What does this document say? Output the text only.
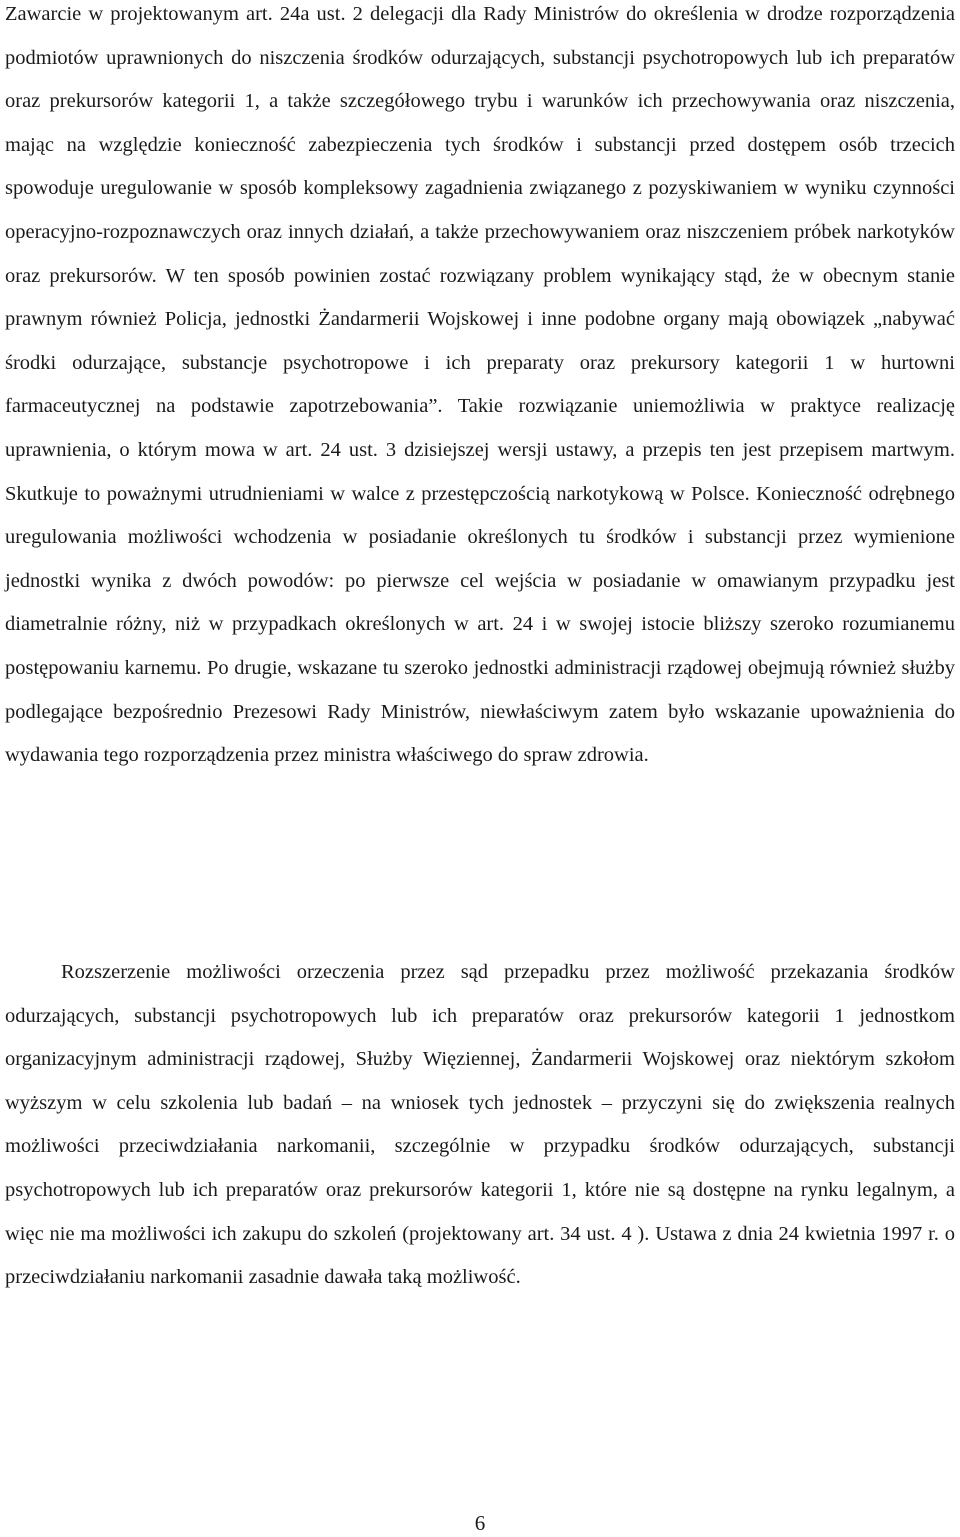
Zawarcie w projektowanym art. 24a ust. 2 delegacji dla Rady Ministrów do określenia w drodze rozporządzenia podmiotów uprawnionych do niszczenia środków odurzających, substancji psychotropowych lub ich preparatów oraz prekursorów kategorii 1, a także szczegółowego trybu i warunków ich przechowywania oraz niszczenia, mając na względzie konieczność zabezpieczenia tych środków i substancji przed dostępem osób trzecich spowoduje uregulowanie w sposób kompleksowy zagadnienia związanego z pozyskiwaniem w wyniku czynności operacyjno-rozpoznawczych oraz innych działań, a także przechowywaniem oraz niszczeniem próbek narkotyków oraz prekursorów. W ten sposób powinien zostać rozwiązany problem wynikający stąd, że w obecnym stanie prawnym również Policja, jednostki Żandarmerii Wojskowej i inne podobne organy mają obowiązek „nabywać środki odurzające, substancje psychotropowe i ich preparaty oraz prekursory kategorii 1 w hurtowni farmaceutycznej na podstawie zapotrzebowania”. Takie rozwiązanie uniemożliwia w praktyce realizację uprawnienia, o którym mowa w art. 24 ust. 3 dzisiejszej wersji ustawy, a przepis ten jest przepisem martwym. Skutkuje to poważnymi utrudnieniami w walce z przestępczością narkotykową w Polsce. Konieczność odrębnego uregulowania możliwości wchodzenia w posiadanie określonych tu środków i substancji przez wymienione jednostki wynika z dwóch powodów: po pierwsze cel wejścia w posiadanie w omawianym przypadku jest diametralnie różny, niż w przypadkach określonych w art. 24 i w swojej istocie bliższy szeroko rozumianemu postępowaniu karnemu. Po drugie, wskazane tu szeroko jednostki administracji rządowej obejmują również służby podlegające bezpośrednio Prezesowi Rady Ministrów, niewłaściwym zatem było wskazanie upoważnienia do wydawania tego rozporządzenia przez ministra właściwego do spraw zdrowia.

Rozszerzenie możliwości orzeczenia przez sąd przepadku przez możliwość przekazania środków odurzających, substancji psychotropowych lub ich preparatów oraz prekursorów kategorii 1 jednostkom organizacyjnym administracji rządowej, Służby Więziennej, Żandarmerii Wojskowej oraz niektórym szkołom wyższym w celu szkolenia lub badań – na wniosek tych jednostek – przyczyni się do zwiększenia realnych możliwości przeciwdziałania narkomanii, szczególnie w przypadku środków odurzających, substancji psychotropowych lub ich preparatów oraz prekursorów kategorii 1, które nie są dostępne na rynku legalnym, a więc nie ma możliwości ich zakupu do szkoleń (projektowany art. 34 ust. 4 ). Ustawa z dnia 24 kwietnia 1997 r. o przeciwdziałaniu narkomanii zasadnie dawała taką możliwość.

6
